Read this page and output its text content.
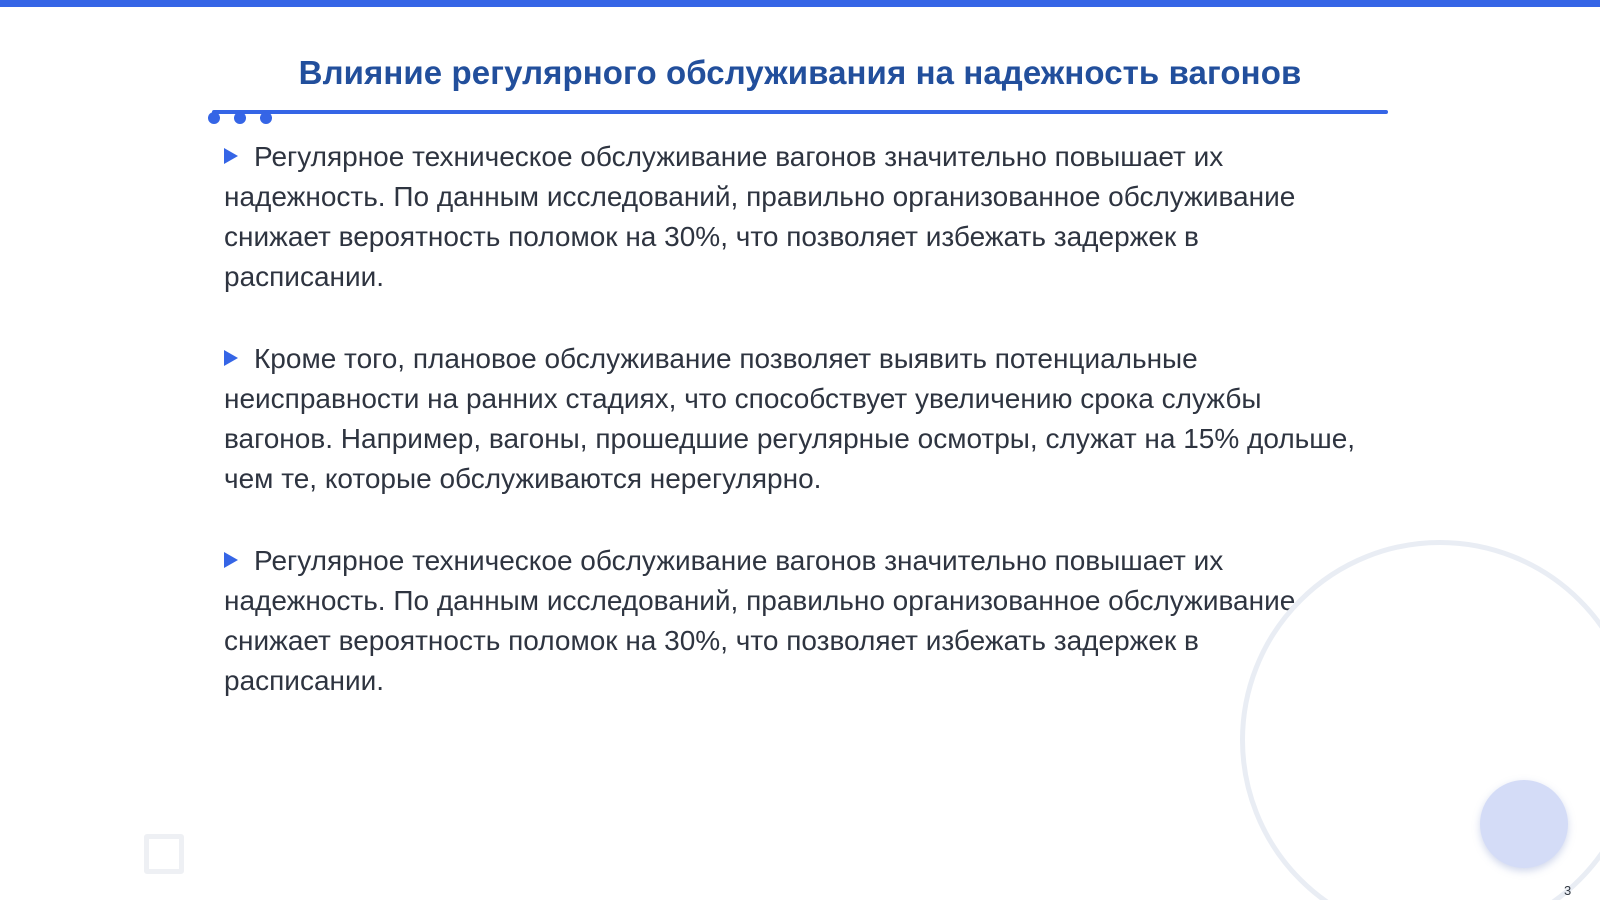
Влияние регулярного обслуживания на надежность вагонов
Регулярное техническое обслуживание вагонов значительно повышает их надежность. По данным исследований, правильно организованное обслуживание снижает вероятность поломок на 30%, что позволяет избежать задержек в расписании.
Кроме того, плановое обслуживание позволяет выявить потенциальные неисправности на ранних стадиях, что способствует увеличению срока службы вагонов. Например, вагоны, прошедшие регулярные осмотры, служат на 15% дольше, чем те, которые обслуживаются нерегулярно.
Регулярное техническое обслуживание вагонов значительно повышает их надежность. По данным исследований, правильно организованное обслуживание снижает вероятность поломок на 30%, что позволяет избежать задержек в расписании.
3
